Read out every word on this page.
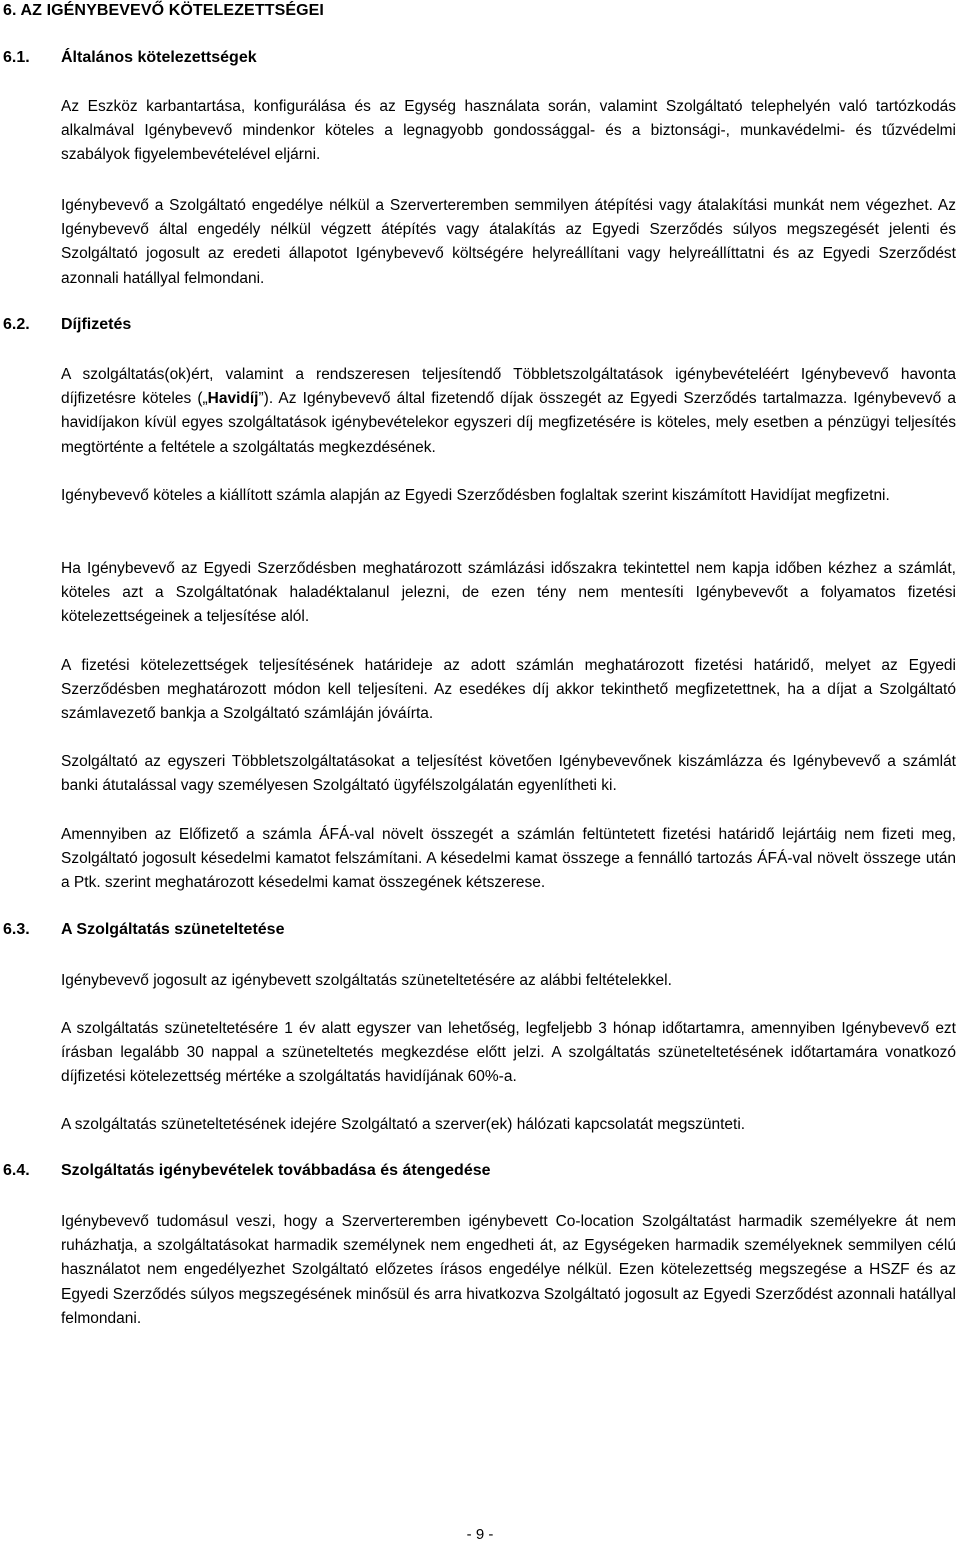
6. AZ IGÉNYBEVEVŐ KÖTELEZETTSÉGEI
6.1. Általános kötelezettségek

Az Eszköz karbantartása, konfigurálása és az Egység használata során, valamint Szolgáltató telephelyén való tartózkodás alkalmával Igénybevevő mindenkor köteles a legnagyobb gondossággal- és a biztonsági-, munkavédelmi- és tűzvédelmi szabályok figyelembevételével eljárni.

Igénybevevő a Szolgáltató engedélye nélkül a Szerverteremben semmilyen átépítési vagy átalakítási munkát nem végezhet. Az Igénybevevő által engedély nélkül végzett átépítés vagy átalakítás az Egyedi Szerződés súlyos megszegését jelenti és Szolgáltató jogosult az eredeti állapotot Igénybevevő költségére helyreállítani vagy helyreállíttatni és az Egyedi Szerződést azonnali hatállyal felmondani.

6.2. Díjfizetés

A szolgáltatás(ok)ért, valamint a rendszeresen teljesítendő Többletszolgáltatások igénybevételéért Igénybevevő havonta díjfizetésre köteles („Havidíj”). Az Igénybevevő által fizetendő díjak összegét az Egyedi Szerződés tartalmazza. Igénybevevő a havidíjakon kívül egyes szolgáltatások igénybevételekor egyszeri díj megfizetésére is köteles, mely esetben a pénzügyi teljesítés megtörténte a feltétele a szolgáltatás megkezdésének.

Igénybevevő köteles a kiállított számla alapján az Egyedi Szerződésben foglaltak szerint kiszámított Havidíjat megfizetni.

Ha Igénybevevő az Egyedi Szerződésben meghatározott számlázási időszakra tekintettel nem kapja időben kézhez a számlát, köteles azt a Szolgáltatónak haladéktalanul jelezni, de ezen tény nem mentesíti Igénybevevőt a folyamatos fizetési kötelezettségeinek a teljesítése alól.

A fizetési kötelezettségek teljesítésének határideje az adott számlán meghatározott fizetési határidő, melyet az Egyedi Szerződésben meghatározott módon kell teljesíteni. Az esedékes díj akkor tekinthető megfizetettnek, ha a díjat a Szolgáltató számlavezető bankja a Szolgáltató számláján jóváírta.

Szolgáltató az egyszeri Többletszolgáltatásokat a teljesítést követően Igénybevevőnek kiszámlázza és Igénybevevő a számlát banki átutalással vagy személyesen Szolgáltató ügyfélszolgálatán egyenlítheti ki.

Amennyiben az Előfizető a számla ÁFÁ-val növelt összegét a számlán feltüntetett fizetési határidő lejártáig nem fizeti meg, Szolgáltató jogosult késedelmi kamatot felszámítani. A késedelmi kamat összege a fennálló tartozás ÁFÁ-val növelt összege után a Ptk. szerint meghatározott késedelmi kamat összegének kétszerese.

6.3. A Szolgáltatás szüneteltetése

Igénybevevő jogosult az igénybevett szolgáltatás szüneteltetésére az alábbi feltételekkel.

A szolgáltatás szüneteltetésére 1 év alatt egyszer van lehetőség, legfeljebb 3 hónap időtartamra, amennyiben Igénybevevő ezt írásban legalább 30 nappal a szüneteltetés megkezdése előtt jelzi. A szolgáltatás szüneteltetésének időtartamára vonatkozó díjfizetési kötelezettség mértéke a szolgáltatás havidíjának 60%-a.

A szolgáltatás szüneteltetésének idejére Szolgáltató a szerver(ek) hálózati kapcsolatát megszünteti.

6.4. Szolgáltatás igénybevételek továbbadása és átengedése

Igénybevevő tudomásul veszi, hogy a Szerverteremben igénybevett Co-location Szolgáltatást harmadik személyekre át nem ruházhatja, a szolgáltatásokat harmadik személynek nem engedheti át, az Egységeken harmadik személyeknek semmilyen célú használatot nem engedélyezhet Szolgáltató előzetes írásos engedélye nélkül. Ezen kötelezettség megszegése a HSZF és az Egyedi Szerződés súlyos megszegésének minősül és arra hivatkozva Szolgáltató jogosult az Egyedi Szerződést azonnali hatállyal felmondani.

- 9 -
